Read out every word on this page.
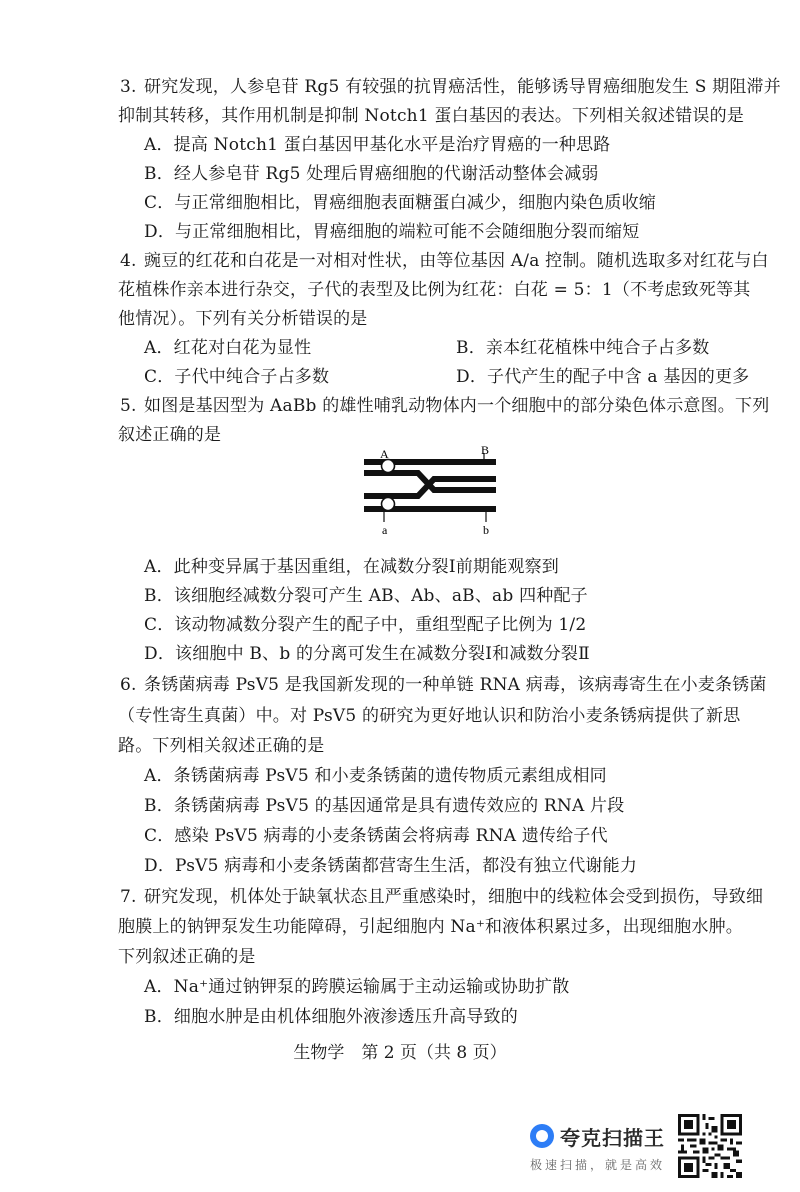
3. 研究发现，人参皂苷 Rg5 有较强的抗胃癌活性，能够诱导胃癌细胞发生 S 期阻滞并
抑制其转移，其作用机制是抑制 Notch1 蛋白基因的表达。下列相关叙述错误的是
A．提高 Notch1 蛋白基因甲基化水平是治疗胃癌的一种思路
B．经人参皂苷 Rg5 处理后胃癌细胞的代谢活动整体会减弱
C．与正常细胞相比，胃癌细胞表面糖蛋白减少，细胞内染色质收缩
D．与正常细胞相比，胃癌细胞的端粒可能不会随细胞分裂而缩短
4. 豌豆的红花和白花是一对相对性状，由等位基因 A/a 控制。随机选取多对红花与白
花植株作亲本进行杂交，子代的表型及比例为红花：白花 = 5：1（不考虑致死等其
他情况）。下列有关分析错误的是
A．红花对白花为显性	B．亲本红花植株中纯合子占多数
C．子代中纯合子占多数	D．子代产生的配子中含 a 基因的更多
5. 如图是基因型为 AaBb 的雄性哺乳动物体内一个细胞中的部分染色体示意图。下列
叙述正确的是
A	B
a	b
A．此种变异属于基因重组，在减数分裂Ⅰ前期能观察到
B．该细胞经减数分裂可产生 AB、Ab、aB、ab 四种配子
C．该动物减数分裂产生的配子中，重组型配子比例为 1/2
D．该细胞中 B、b 的分离可发生在减数分裂Ⅰ和减数分裂Ⅱ
6. 条锈菌病毒 PsV5 是我国新发现的一种单链 RNA 病毒，该病毒寄生在小麦条锈菌
（专性寄生真菌）中。对 PsV5 的研究为更好地认识和防治小麦条锈病提供了新思
路。下列相关叙述正确的是
A．条锈菌病毒 PsV5 和小麦条锈菌的遗传物质元素组成相同
B．条锈菌病毒 PsV5 的基因通常是具有遗传效应的 RNA 片段
C．感染 PsV5 病毒的小麦条锈菌会将病毒 RNA 遗传给子代
D．PsV5 病毒和小麦条锈菌都营寄生生活，都没有独立代谢能力
7. 研究发现，机体处于缺氧状态且严重感染时，细胞中的线粒体会受到损伤，导致细
胞膜上的钠钾泵发生功能障碍，引起细胞内 Na⁺和液体积累过多，出现细胞水肿。
下列叙述正确的是
A．Na⁺通过钠钾泵的跨膜运输属于主动运输或协助扩散
B．细胞水肿是由机体细胞外液渗透压升高导致的
生物学　第 2 页（共 8 页）
夸克扫描王
极速扫描，就是高效
